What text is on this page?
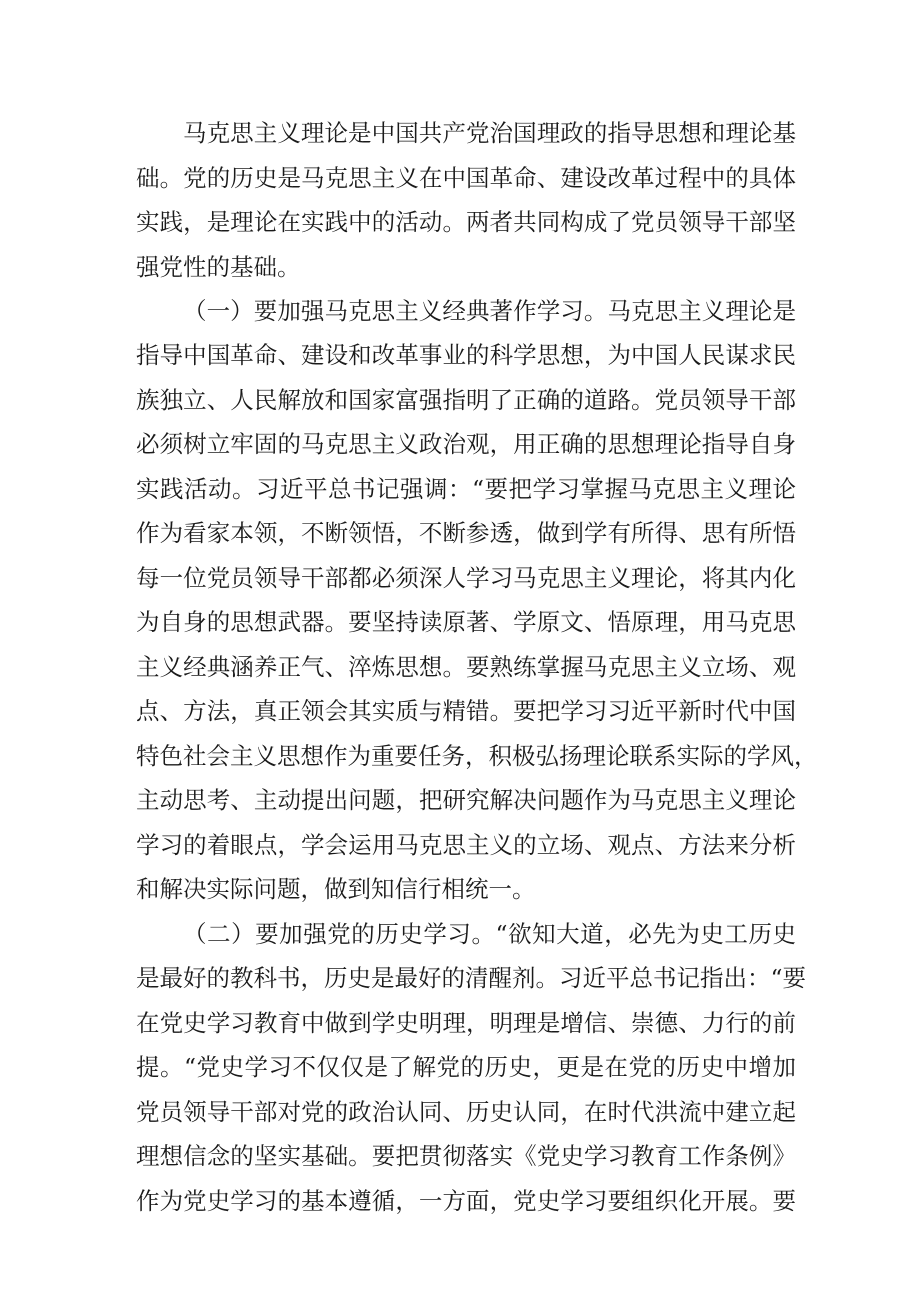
马克思主义理论是中国共产党治国理政的指导思想和理论基
础。党的历史是马克思主义在中国革命、建设改革过程中的具体
实践，是理论在实践中的活动。两者共同构成了党员领导干部坚
强党性的基础。
（一）要加强马克思主义经典著作学习。马克思主义理论是
指导中国革命、建设和改革事业的科学思想，为中国人民谋求民
族独立、人民解放和国家富强指明了正确的道路。党员领导干部
必须树立牢固的马克思主义政治观，用正确的思想理论指导自身
实践活动。习近平总书记强调：“要把学习掌握马克思主义理论
作为看家本领，不断领悟，不断参透，做到学有所得、思有所悟
每一位党员领导干部都必须深人学习马克思主义理论，将其内化
为自身的思想武器。要坚持读原著、学原文、悟原理，用马克思
主义经典涵养正气、淬炼思想。要熟练掌握马克思主义立场、观
点、方法，真正领会其实质与精错。要把学习习近平新时代中国
特色社会主义思想作为重要任务，积极弘扬理论联系实际的学风，
主动思考、主动提出问题，把研究解决问题作为马克思主义理论
学习的着眼点，学会运用马克思主义的立场、观点、方法来分析
和解决实际问题，做到知信行相统一。
（二）要加强党的历史学习。“欲知大道，必先为史工历史
是最好的教科书，历史是最好的清醒剂。习近平总书记指出：“要
在党史学习教育中做到学史明理，明理是增信、崇德、力行的前
提。“党史学习不仅仅是了解党的历史，更是在党的历史中增加
党员领导干部对党的政治认同、历史认同，在时代洪流中建立起
理想信念的坚实基础。要把贯彻落实《党史学习教育工作条例》
作为党史学习的基本遵循，一方面，党史学习要组织化开展。要
